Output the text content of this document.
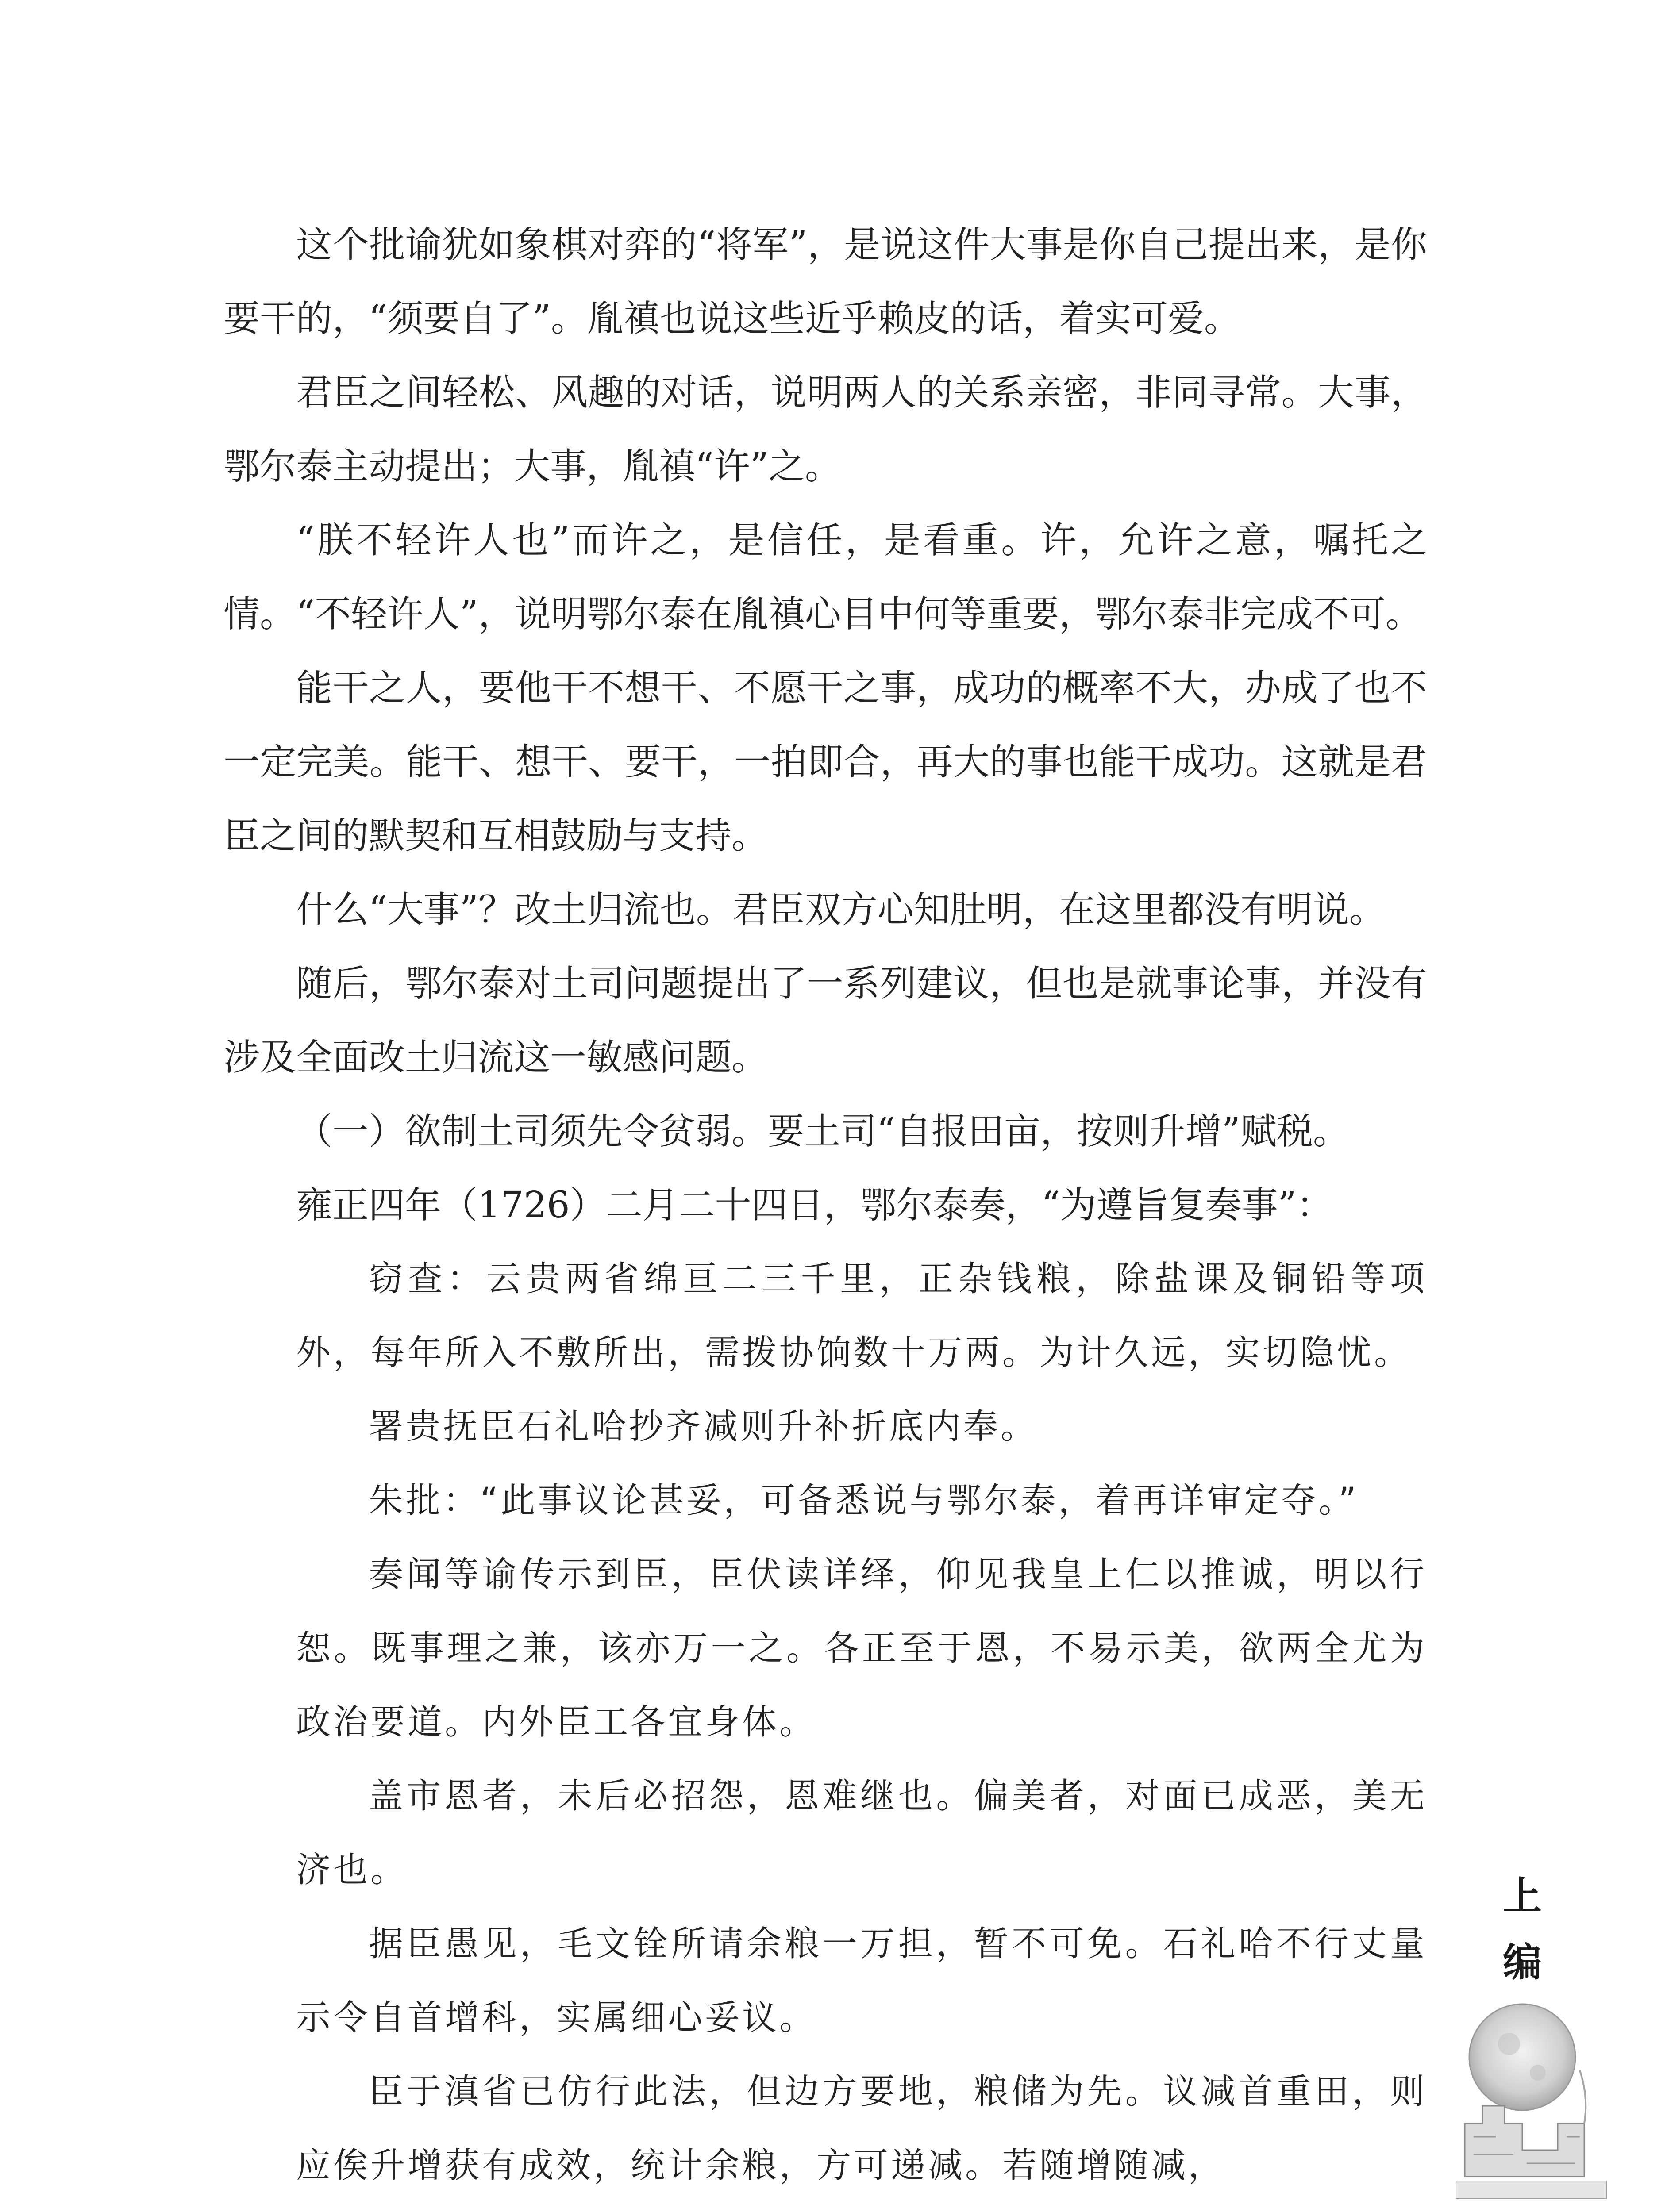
这个批谕犹如象棋对弈的“将军”，是说这件大事是你自己提出来，是你要干的，“须要自了”。胤禛也说这些近乎赖皮的话，着实可爱。

君臣之间轻松、风趣的对话，说明两人的关系亲密，非同寻常。大事，鄂尔泰主动提出；大事，胤禛“许”之。

“朕不轻许人也”而许之，是信任，是看重。许，允许之意，嘱托之情。“不轻许人”，说明鄂尔泰在胤禛心目中何等重要，鄂尔泰非完成不可。

能干之人，要他干不想干、不愿干之事，成功的概率不大，办成了也不一定完美。能干、想干、要干，一拍即合，再大的事也能干成功。这就是君臣之间的默契和互相鼓励与支持。

什么“大事”？改土归流也。君臣双方心知肚明，在这里都没有明说。

随后，鄂尔泰对土司问题提出了一系列建议，但也是就事论事，并没有涉及全面改土归流这一敏感问题。

（一）欲制土司须先令贫弱。要土司“自报田亩，按则升增”赋税。

雍正四年（1726）二月二十四日，鄂尔泰奏，“为遵旨复奏事”：

窃查：云贵两省绵亘二三千里，正杂钱粮，除盐课及铜铅等项外，每年所入不敷所出，需拨协饷数十万两。为计久远，实切隐忧。

署贵抚臣石礼哈抄齐减则升补折底内奉。

朱批：“此事议论甚妥，可备悉说与鄂尔泰，着再详审定夺。”

奏闻等谕传示到臣，臣伏读详绎，仰见我皇上仁以推诚，明以行恕。既事理之兼，该亦万一之。各正至于恩，不易示美，欲两全尤为政治要道。内外臣工各宜身体。

盖市恩者，未后必招怨，恩难继也。偏美者，对面已成恶，美无济也。

据臣愚见，毛文铨所请余粮一万担，暂不可免。石礼哈不行丈量示令自首增科，实属细心妥议。

臣于滇省已仿行此法，但边方要地，粮储为先。议减首重田，则应俟升增获有成效，统计余粮，方可递减。若随增随减，

上
编
